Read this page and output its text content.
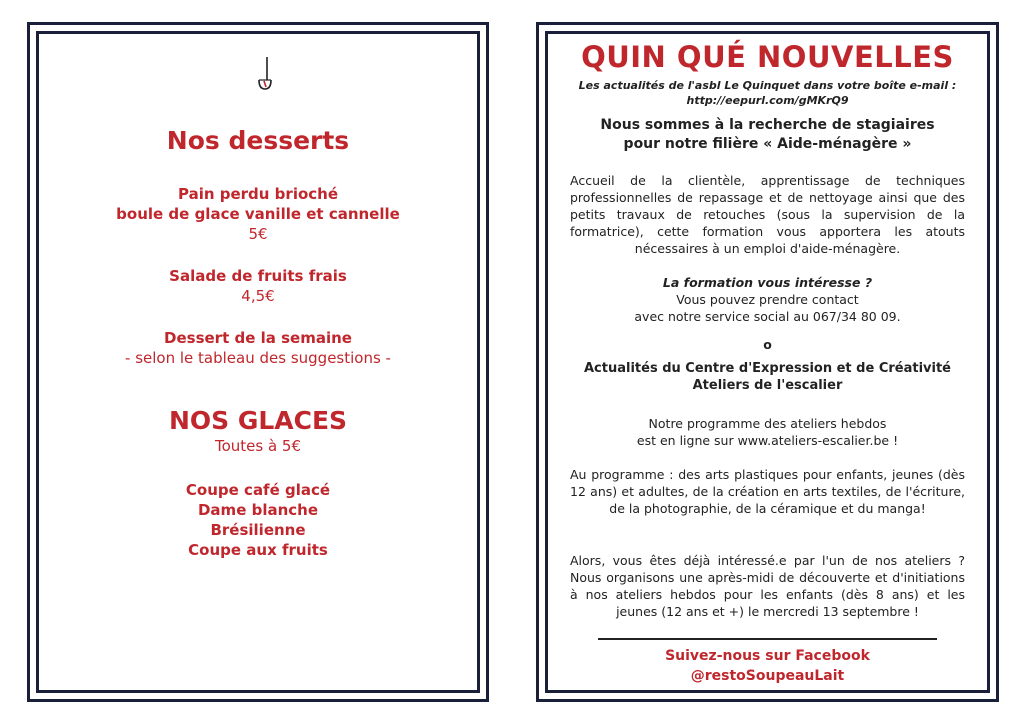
Nos desserts
Pain perdu brioché
boule de glace vanille et cannelle
5€
Salade de fruits frais
4,5€
Dessert de la semaine
- selon le tableau des suggestions -
NOS GLACES
Toutes à 5€
Coupe café glacé
Dame blanche
Brésilienne
Coupe aux fruits
QUIN QUÉ NOUVELLES
Les actualités de l'asbl Le Quinquet dans votre boîte e-mail :
http://eepurl.com/gMKrQ9
Nous sommes à la recherche de stagiaires
pour notre filière « Aide-ménagère »
Accueil de la clientèle, apprentissage de techniques professionnelles de repassage et de nettoyage ainsi que des petits travaux de retouches (sous la supervision de la formatrice), cette formation vous apportera les atouts nécessaires à un emploi d'aide-ménagère.
La formation vous intéresse ?
Vous pouvez prendre contact
avec notre service social au 067/34 80 09.
o
Actualités du Centre d'Expression et de Créativité
Ateliers de l'escalier
Notre programme des ateliers hebdos
est en ligne sur www.ateliers-escalier.be !
Au programme : des arts plastiques pour enfants, jeunes (dès 12 ans) et adultes, de la création en arts textiles, de l'écriture, de la photographie, de la céramique et du manga!
Alors, vous êtes déjà intéressé.e par l'un de nos ateliers ? Nous organisons une après-midi de découverte et d'initiations à nos ateliers hebdos pour les enfants (dès 8 ans) et les jeunes (12 ans et +) le mercredi 13 septembre !
Suivez-nous sur Facebook
@restoSoupeauLait
